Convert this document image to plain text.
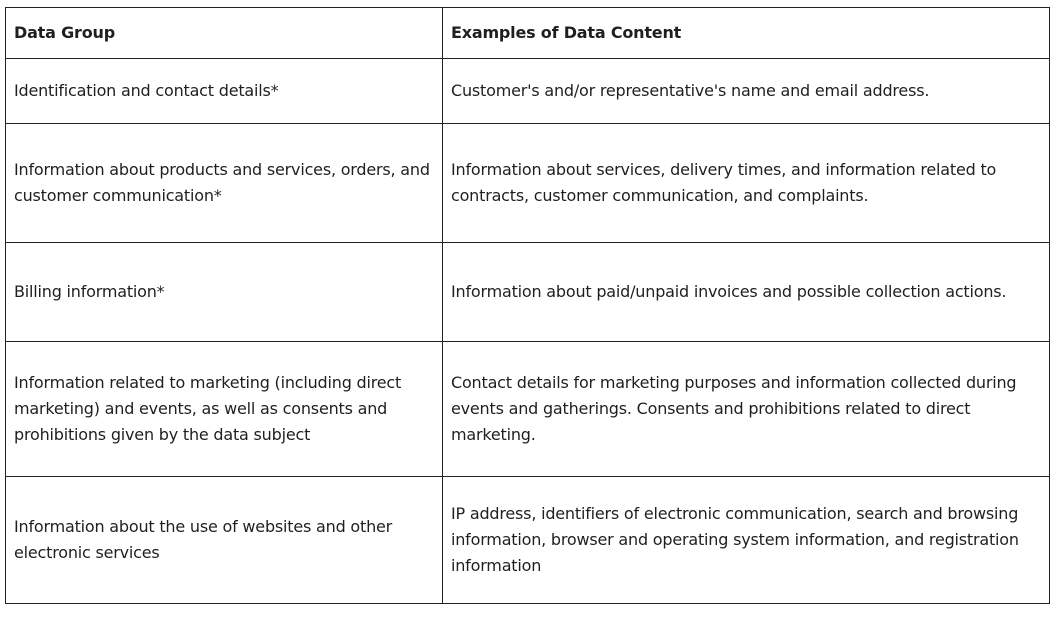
Data Group	Examples of Data Content
Identification and contact details*	Customer's and/or representative's name and email address.
Information about products and services, orders, and customer communication*	Information about services, delivery times, and information related to contracts, customer communication, and complaints.
Billing information*	Information about paid/unpaid invoices and possible collection actions.
Information related to marketing (including direct marketing) and events, as well as consents and prohibitions given by the data subject	Contact details for marketing purposes and information collected during events and gatherings. Consents and prohibitions related to direct marketing.
Information about the use of websites and other electronic services	IP address, identifiers of electronic communication, search and browsing information, browser and operating system information, and registration information
